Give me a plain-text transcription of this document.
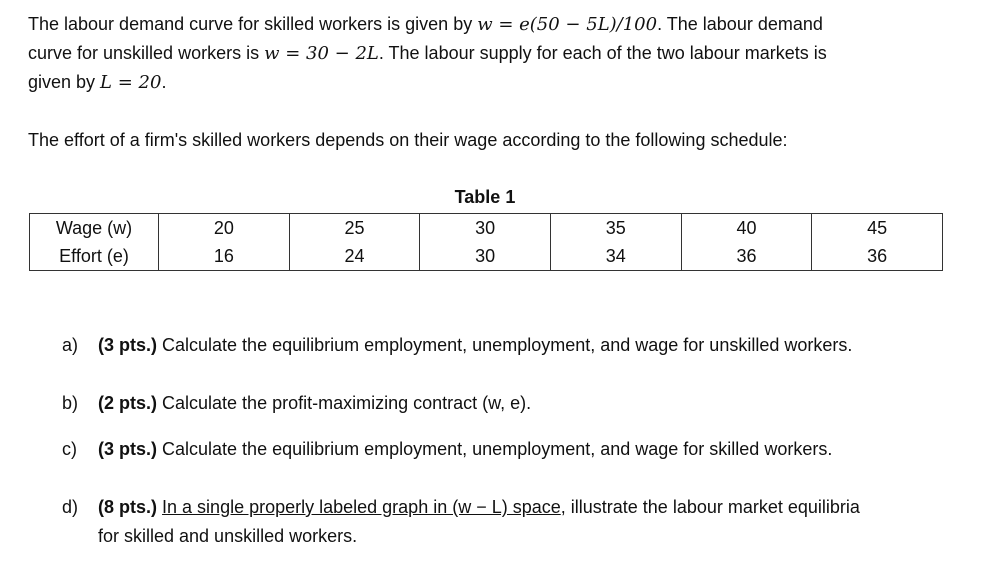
The labour demand curve for skilled workers is given by w = e(50 − 5L)/100. The labour demand
curve for unskilled workers is w = 30 − 2L. The labour supply for each of the two labour markets is
given by L = 20.

The effort of a firm's skilled workers depends on their wage according to the following schedule:

Table 1
Wage (w)	20	25	30	35	40	45
Effort (e)	16	24	30	34	36	36
a) (3 pts.) Calculate the equilibrium employment, unemployment, and wage for unskilled workers.
b) (2 pts.) Calculate the profit-maximizing contract (w, e).
c) (3 pts.) Calculate the equilibrium employment, unemployment, and wage for skilled workers.
d) (8 pts.) In a single properly labeled graph in (w − L) space, illustrate the labour market equilibria
for skilled and unskilled workers.
